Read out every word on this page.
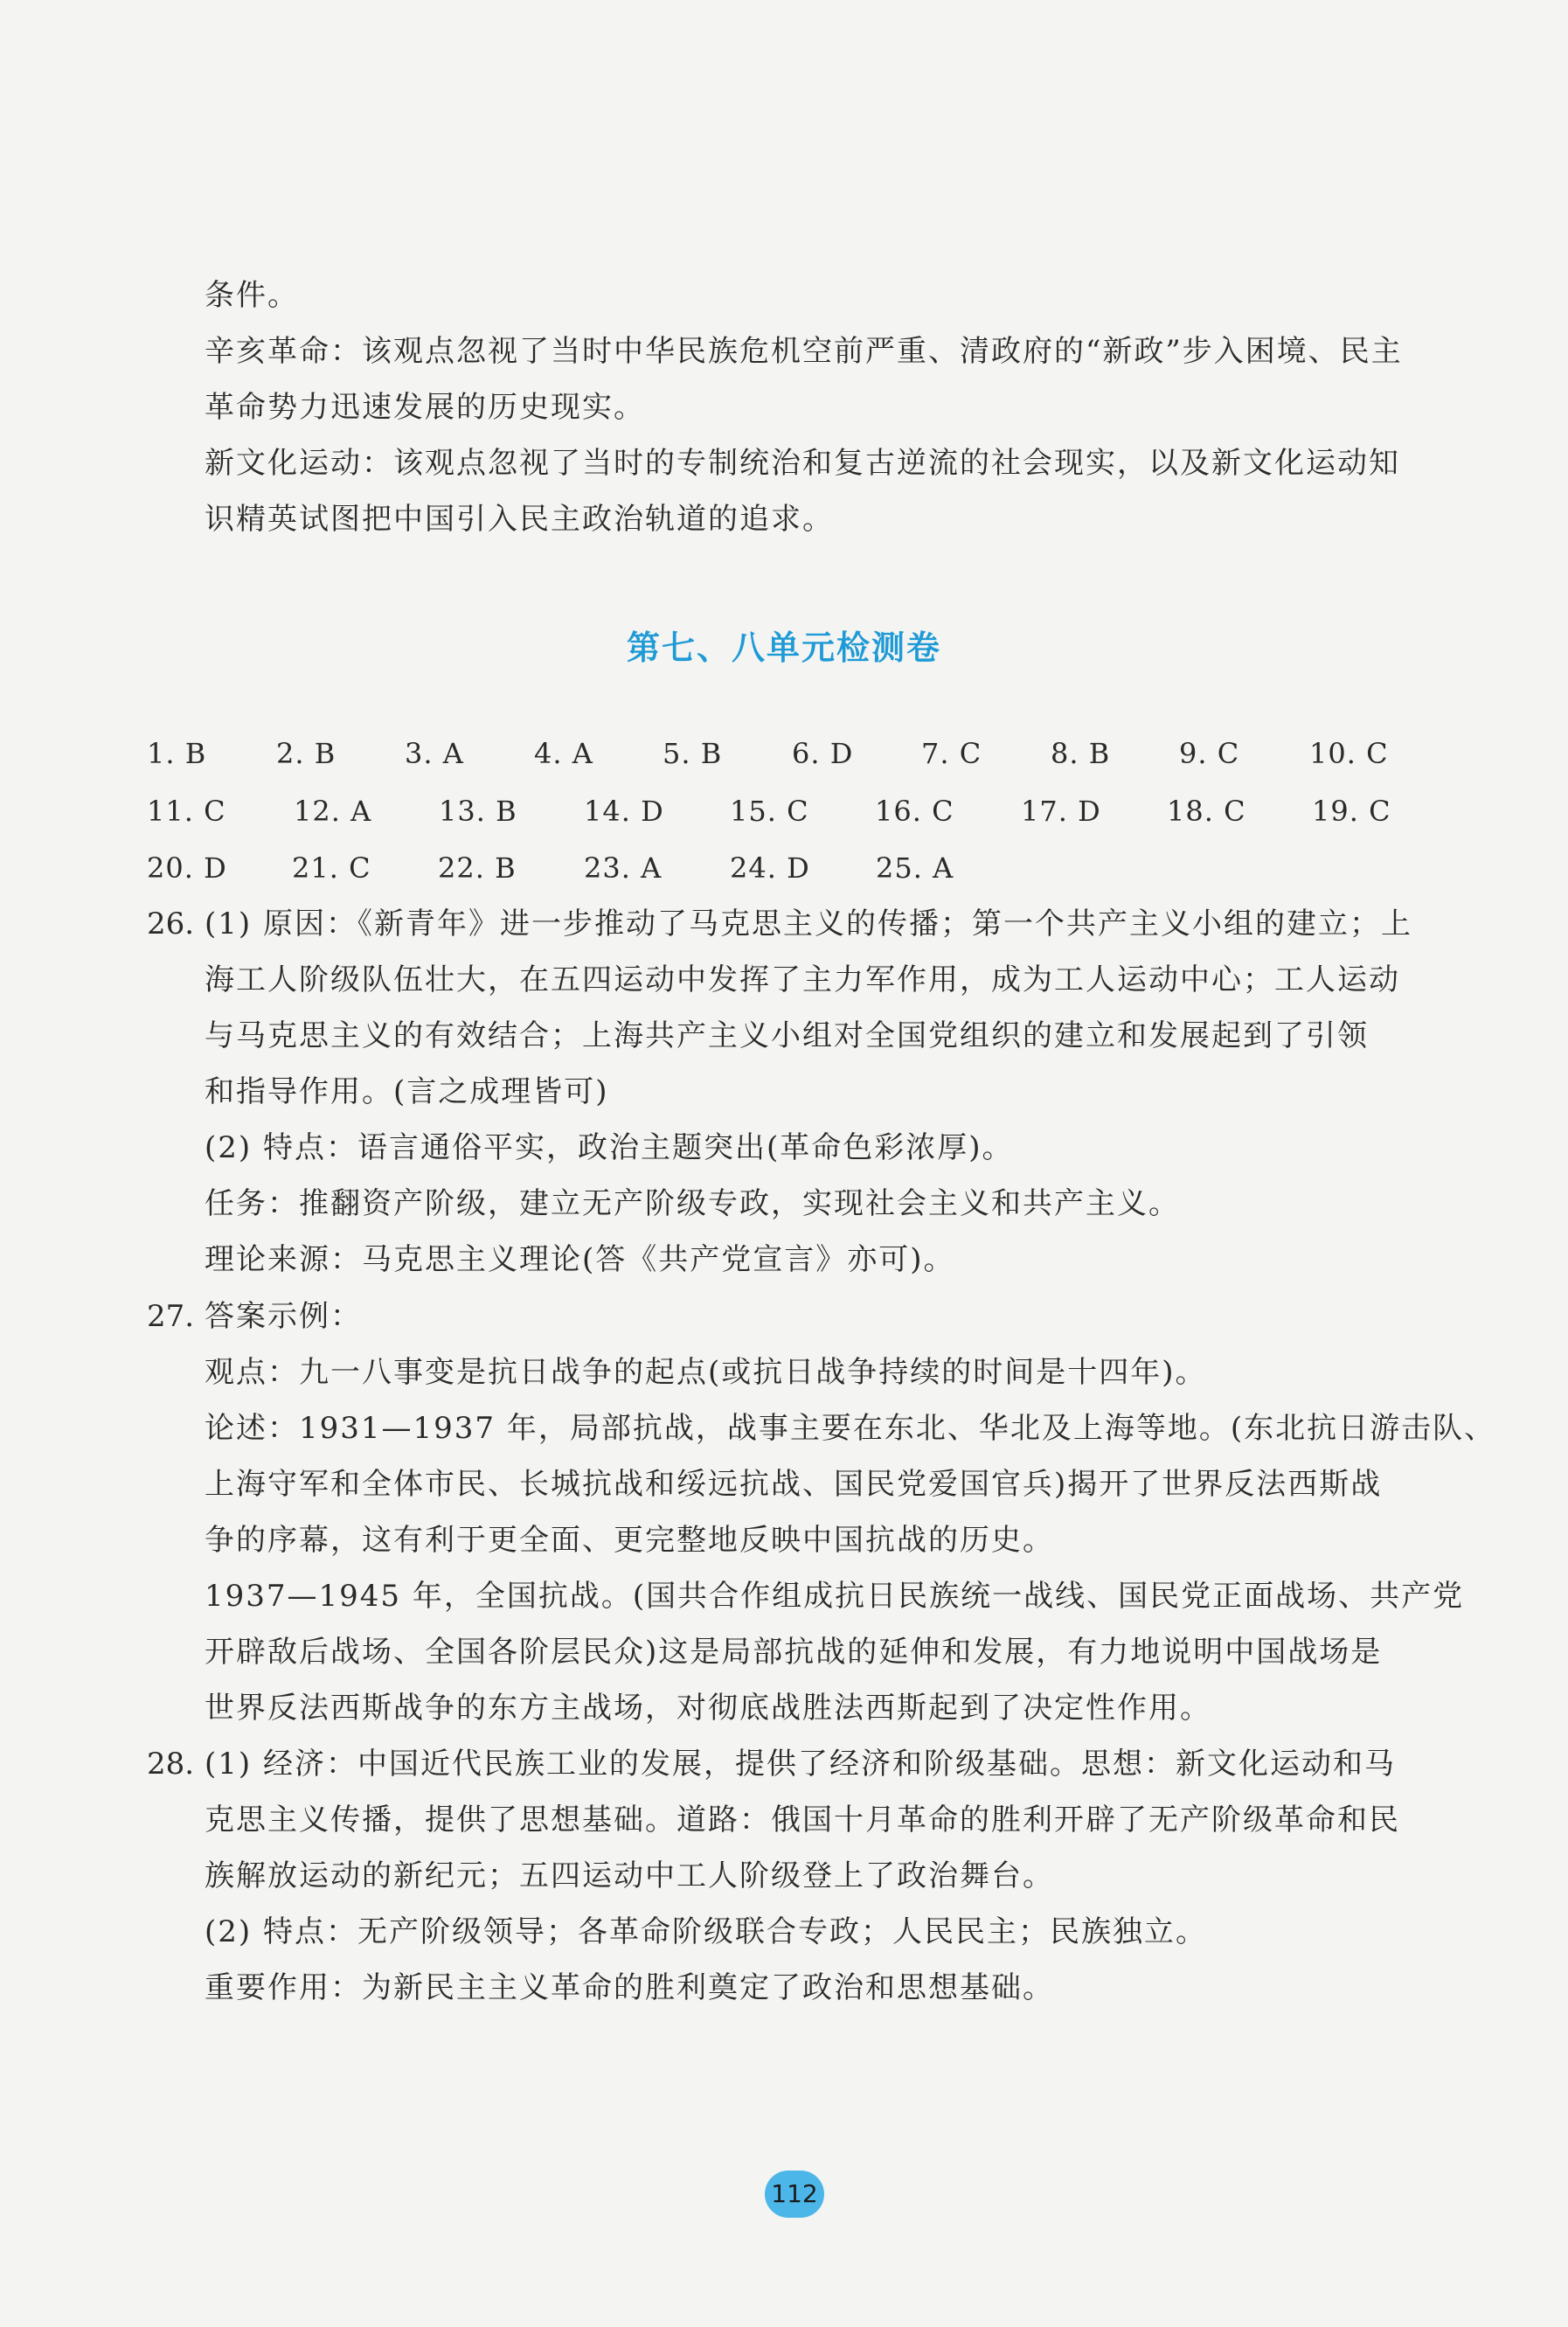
条件。
辛亥革命：该观点忽视了当时中华民族危机空前严重、清政府的“新政”步入困境、民主
革命势力迅速发展的历史现实。
新文化运动：该观点忽视了当时的专制统治和复古逆流的社会现实，以及新文化运动知
识精英试图把中国引入民主政治轨道的追求。
第七、八单元检测卷
1. B 2. B 3. A	4. A 5. B 6. D 7. C 8. B 9. C 10. C
11. C 12. A 13. B 14. D 15. C 16. C 17. D 18. C 19. C
20. D 21. C 22. B 23. A 24. D 25. A
26. (1) 原因：《新青年》进一步推动了马克思主义的传播；第一个共产主义小组的建立；上
海工人阶级队伍壮大，在五四运动中发挥了主力军作用，成为工人运动中心；工人运动
与马克思主义的有效结合；上海共产主义小组对全国党组织的建立和发展起到了引领
和指导作用。(言之成理皆可)
(2) 特点：语言通俗平实，政治主题突出(革命色彩浓厚)。
任务：推翻资产阶级，建立无产阶级专政，实现社会主义和共产主义。
理论来源：马克思主义理论(答《共产党宣言》亦可)。
27. 答案示例：
观点：九一八事变是抗日战争的起点(或抗日战争持续的时间是十四年)。
论述：1931—1937 年，局部抗战，战事主要在东北、华北及上海等地。(东北抗日游击队、
上海守军和全体市民、长城抗战和绥远抗战、国民党爱国官兵)揭开了世界反法西斯战
争的序幕，这有利于更全面、更完整地反映中国抗战的历史。
1937—1945 年，全国抗战。(国共合作组成抗日民族统一战线、国民党正面战场、共产党
开辟敌后战场、全国各阶层民众)这是局部抗战的延伸和发展，有力地说明中国战场是
世界反法西斯战争的东方主战场，对彻底战胜法西斯起到了决定性作用。
28. (1) 经济：中国近代民族工业的发展，提供了经济和阶级基础。思想：新文化运动和马
克思主义传播，提供了思想基础。道路：俄国十月革命的胜利开辟了无产阶级革命和民
族解放运动的新纪元；五四运动中工人阶级登上了政治舞台。
(2) 特点：无产阶级领导；各革命阶级联合专政；人民民主；民族独立。
重要作用：为新民主主义革命的胜利奠定了政治和思想基础。
112
